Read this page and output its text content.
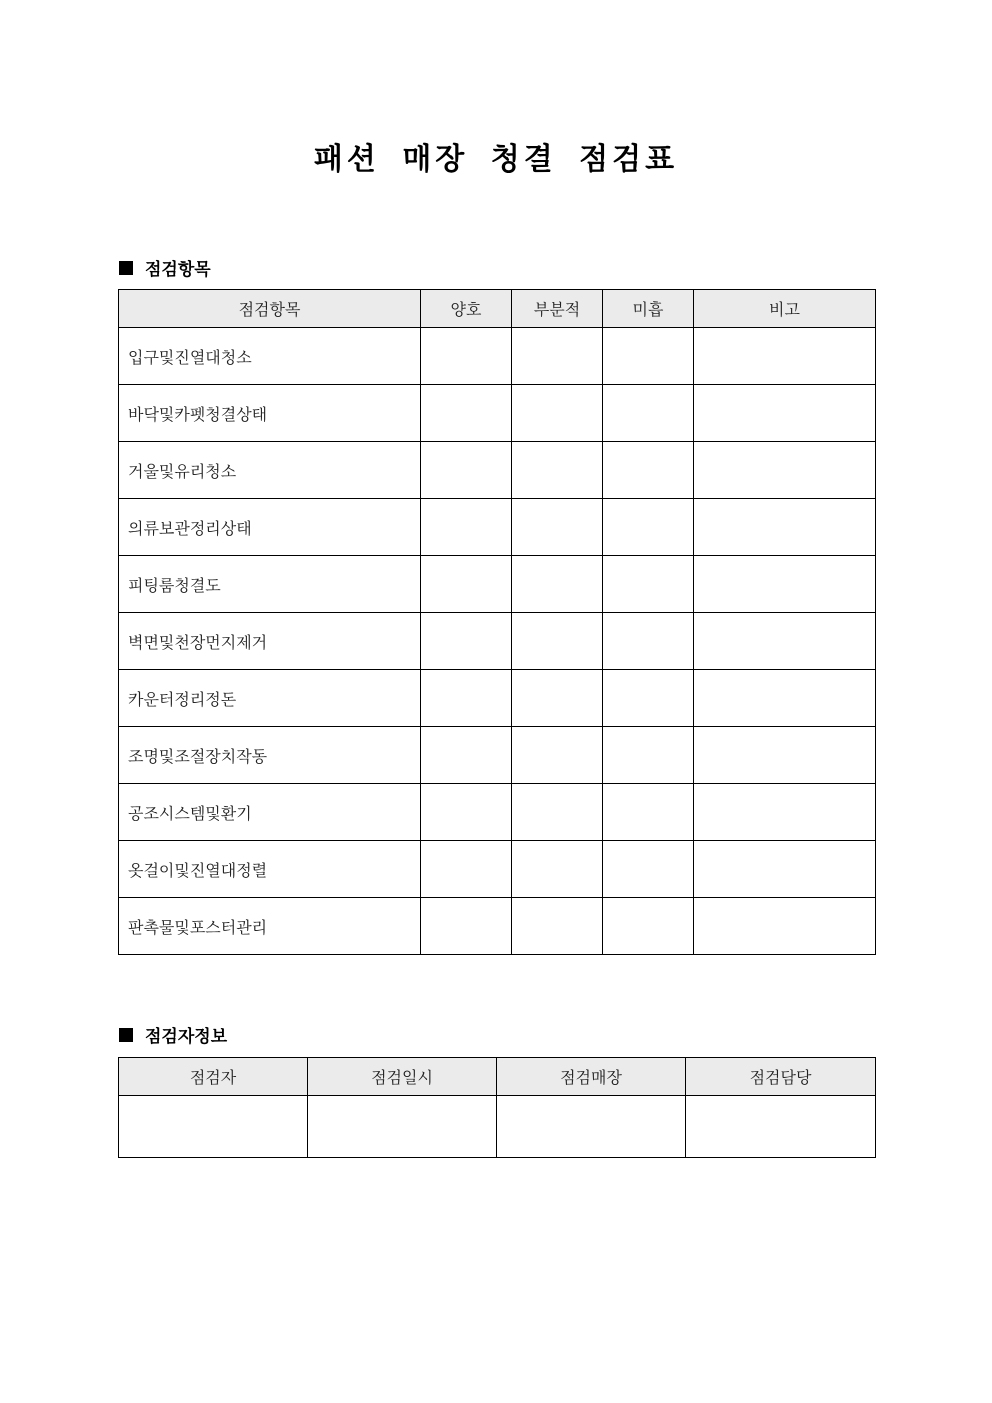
패션 매장 청결 점검표
점검항목
점검항목	양호	부분적	미흡	비고
입구및진열대청소				
바닥및카펫청결상태				
거울및유리청소				
의류보관정리상태				
피팅룸청결도				
벽면및천장먼지제거				
카운터정리정돈				
조명및조절장치작동				
공조시스템및환기				
옷걸이및진열대정렬				
판촉물및포스터관리				
점검자정보
점검자	점검일시	점검매장	점검담당
